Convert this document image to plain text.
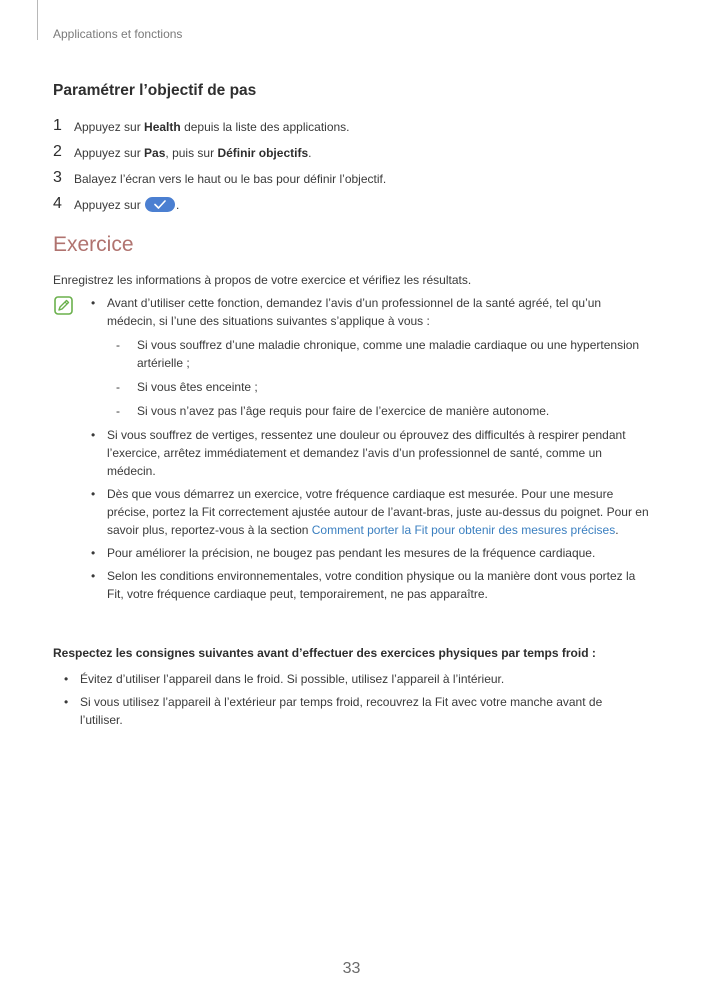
Applications et fonctions
Paramétrer l’objectif de pas
1 Appuyez sur Health depuis la liste des applications.
2 Appuyez sur Pas, puis sur Définir objectifs.
3 Balayez l’écran vers le haut ou le bas pour définir l’objectif.
4 Appuyez sur	.
Exercice
Enregistrez les informations à propos de votre exercice et vérifiez les résultats.
• Avant d’utiliser cette fonction, demandez l’avis d’un professionnel de la santé agréé, tel qu’un médecin, si l’une des situations suivantes s’applique à vous :
- Si vous souffrez d’une maladie chronique, comme une maladie cardiaque ou une hypertension artérielle ;
- Si vous êtes enceinte ;
- Si vous n’avez pas l’âge requis pour faire de l’exercice de manière autonome.
• Si vous souffrez de vertiges, ressentez une douleur ou éprouvez des difficultés à respirer pendant l’exercice, arrêtez immédiatement et demandez l’avis d’un professionnel de santé, comme un médecin.
• Dès que vous démarrez un exercice, votre fréquence cardiaque est mesurée. Pour une mesure précise, portez la Fit correctement ajustée autour de l’avant-bras, juste au-dessus du poignet. Pour en savoir plus, reportez-vous à la section Comment porter la Fit pour obtenir des mesures précises.
• Pour améliorer la précision, ne bougez pas pendant les mesures de la fréquence cardiaque.
• Selon les conditions environnementales, votre condition physique ou la manière dont vous portez la Fit, votre fréquence cardiaque peut, temporairement, ne pas apparaître.
Respectez les consignes suivantes avant d’effectuer des exercices physiques par temps froid :
• Évitez d’utiliser l’appareil dans le froid. Si possible, utilisez l’appareil à l’intérieur.
• Si vous utilisez l’appareil à l’extérieur par temps froid, recouvrez la Fit avec votre manche avant de l’utiliser.
33
